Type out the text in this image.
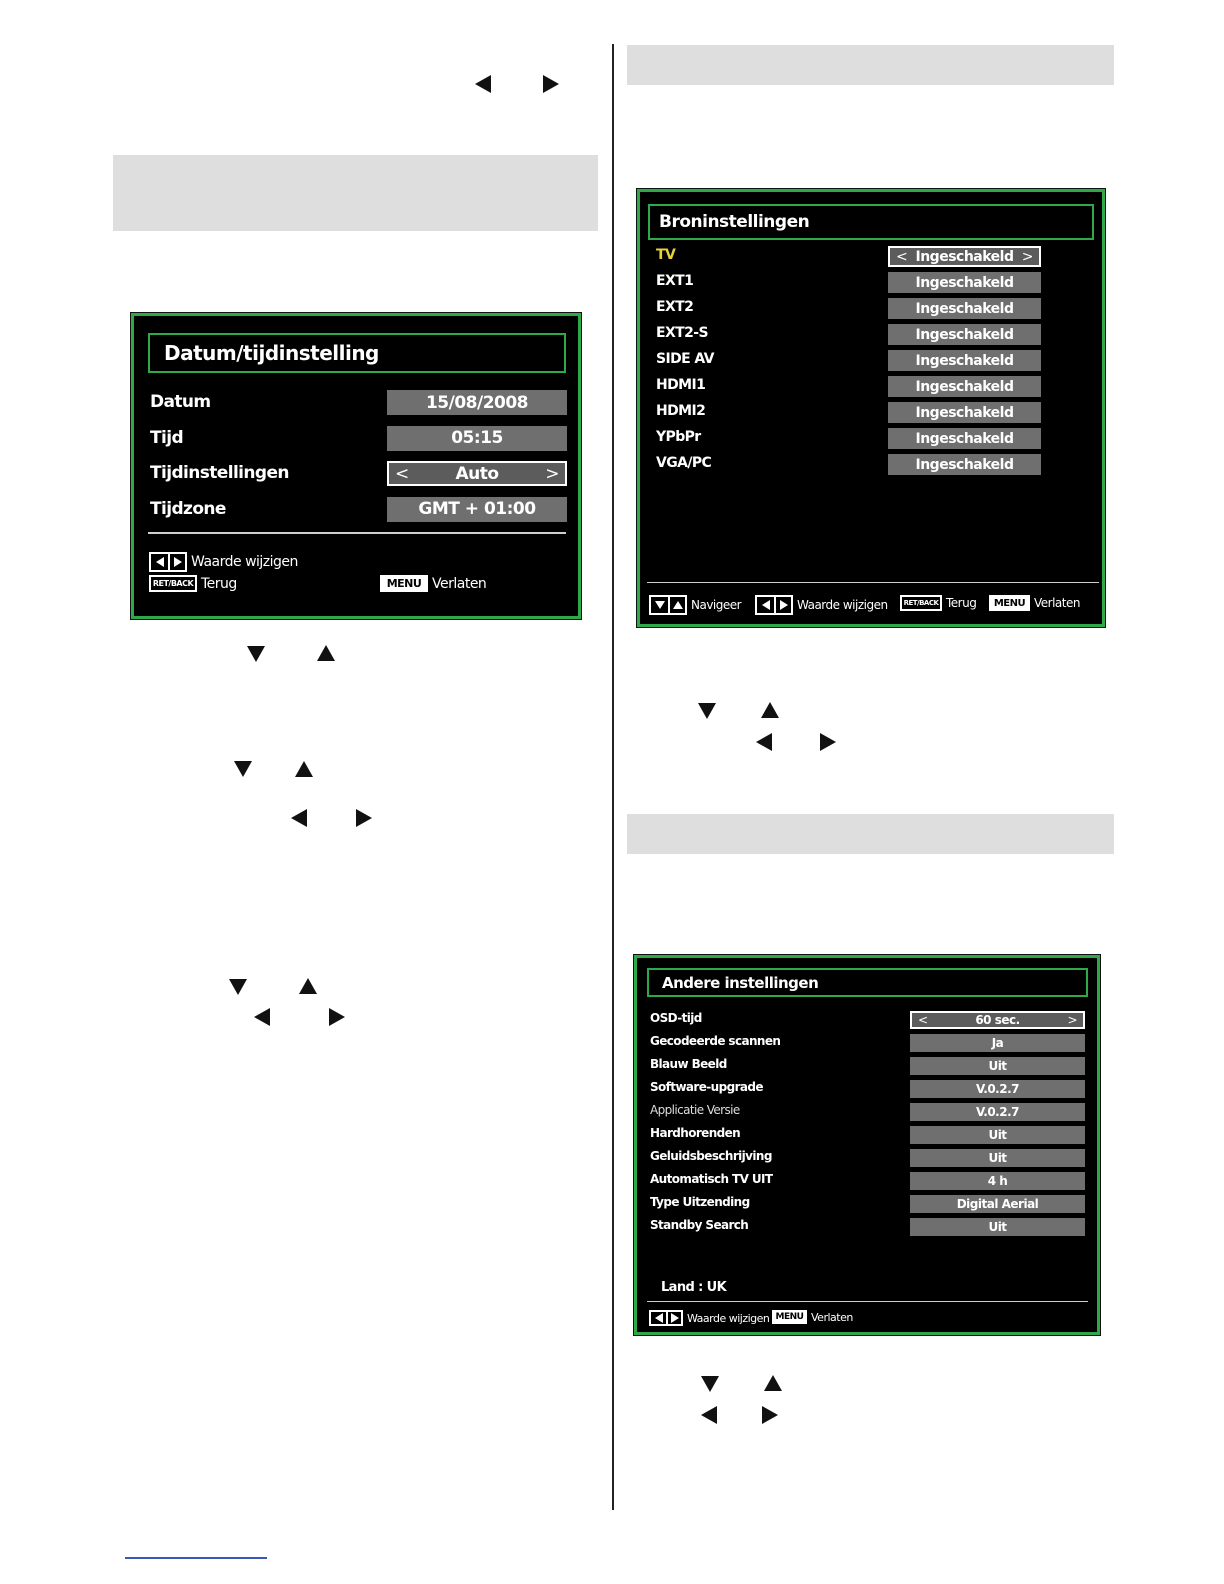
Datum/tijdinstelling
Datum	15/08/2008
Tijd	05:15
Tijdinstellingen	<	Auto	>
Tijdzone	GMT + 01:00
Waarde wijzigen
RET/BACK Terug	MENU Verlaten
Broninstellingen
TV	< Ingeschakeld >
EXT1	Ingeschakeld
EXT2	Ingeschakeld
EXT2-S	Ingeschakeld
SIDE AV	Ingeschakeld
HDMI1	Ingeschakeld
HDMI2	Ingeschakeld
YPbPr	Ingeschakeld
VGA/PC	Ingeschakeld
Navigeer	Waarde wijzigen	RET/BACK Terug	MENU Verlaten
Andere instellingen
OSD-tijd	<	60 sec.	>
Gecodeerde scannen	Ja
Blauw Beeld	Uit
Software-upgrade	V.0.2.7
Applicatie Versie	V.0.2.7
Hardhorenden	Uit
Geluidsbeschrijving	Uit
Automatisch TV UIT	4 h
Type Uitzending	Digital Aerial
Standby Search	Uit
Land : UK
Waarde wijzigen MENU Verlaten
